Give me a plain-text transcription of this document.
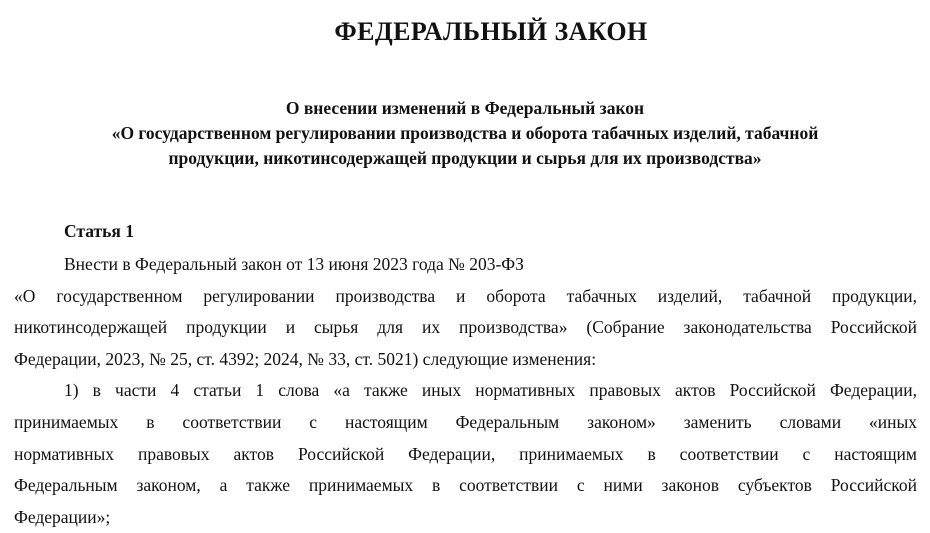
ФЕДЕРАЛЬНЫЙ ЗАКОН
О внесении изменений в Федеральный закон
«О государственном регулировании производства и оборота табачных изделий, табачной
продукции, никотинсодержащей продукции и сырья для их производства»
Статья 1
Внести в Федеральный закон от 13 июня 2023 года № 203-ФЗ
«О государственном регулировании производства и оборота табачных изделий, табачной продукции,
никотинсодержащей продукции и сырья для их производства» (Собрание законодательства Российской
Федерации, 2023, № 25, ст. 4392; 2024, № 33, ст. 5021) следующие изменения:
1) в части 4 статьи 1 слова «а также иных нормативных правовых актов Российской Федерации,
принимаемых в соответствии с настоящим Федеральным законом» заменить словами «иных
нормативных правовых актов Российской Федерации, принимаемых в соответствии с настоящим
Федеральным законом, а также принимаемых в соответствии с ними законов субъектов Российской
Федерации»;
